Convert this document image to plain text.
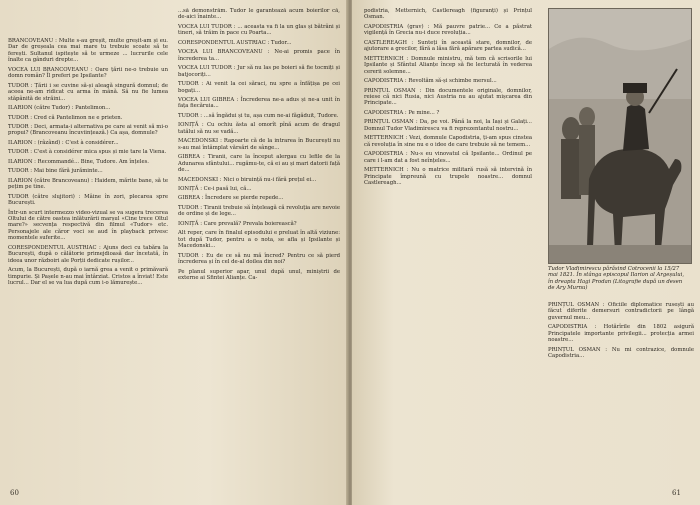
BRANCOVEANU : Multe s-au greșit, multe greșit-am și eu. Dar de greșeala cea mai mare tu trebuie scoate să te ferești. Sultanul ispitește să te urmeze ... lucrurile cele înalte ca gânduri drepte...

VOCEA LUI BRANCOVEANU : Oare țării ne-o trebuie un domn român? Îl preferi pe Ipsilante?

TUDOR : Țării i se cuvine să-și aleagă singură domnul; de aceea ne-am ridicat cu arma în mână. Să nu fie lumea stăpânită de străini...

ILARION (către Tudor) : Pantelimon...

TUDOR : Cred că Pantelimon ne e prieten.

TUDOR : Deci, armata-i alternativa pe care ai venit să mi-o propui? (Brancoveanu încuviințează.) Ca așa, domnule?

ILARION : (râzând) : C'est à considérer...

TUDOR : C'est à considérer mica spus și mie tare la Viena.

ILARION : Recommandé... Bine, Tudore. Am înțeles.

TUDOR : Mai bine fără jurăminte...

ILARION (către Brancoveanu) : Haidem, mărite bane, să te pețim pe tine.

TUDOR (către slujitori) : Mâine în zori, plecarea spre București.

Într-un scurt intermezzo video-vizual se va sugera trecerea Oltului de către oastea inlăturării marșul «Cine trece Oltul mare?» secvența respectivă din filmul «Tudor» etc. Personajele ale căror voci se aud în playback privesc momentele suferite...

CORESPONDENTUL AUSTRIAC : Ajuns deci cu tabăra la București, după o călătorie primejdioasă dar încetată, în ideea unor războiri ale Porții dedicate rușilor...

Acum, la București, după o iarnă grea a venit o primăvară timpurie. Și Pașele n-au mai întârziat. Cristos a înviat! Este lucrul... Dar el se va lua după cum i-o lămurește...

...să demonstrăm. Tudor le garantează acum boierilor că, de-aici înainte...

VOCEA LUI TUDOR : ... aceasta va fi la un glas și bătrâni și tineri, să trăim în pace cu Poarta...

CORESPONDENTUL AUSTRIAC : Tudor...

VOCEA LUI BRANCOVEANU : Ne-ai promis pace în încrederea ta...

VOCEA LUI TUDOR : Jur să nu las pe boieri să fie tocmiți și batjocoriți...

TUDOR : Ai venit la cei săraci, nu spre a înfățișa pe cei bogați...

VOCEA LUI GIBREA : Încrederea ne-a adus și ne-a unit în fața fiecăruia...

TUDOR : ...să îngădui și tu, așa cum ne-ai făgăduit, Tudore.

IONIȚĂ : Cu ochiu ăsta al omorît pînă acum de dragul tatălui să nu se vadă...

MACEDONSKI : Rapoarte că de la intrarea în București nu s-au mai întâmplat vărsări de sânge...

GIBREA : Tiranii, care la început alergau cu lefile de la Adunarea sfântului... rugămu-te, că ei au și mari datorii față de...

MACEDONSKI : Nici o biruință nu-i fără prețul ei...

IONIȚĂ : Ce-i pasă lui, că...

GIBREA : Încredere se pierde repede...

TUDOR : Tiranii trebuie să înțeleagă că revoluția are nevoie de ordine și de lege...

IONIȚĂ : Care prevală? Prevala boierească?

Alt reper, care în finalul episodului e preluat în altă viziune: tot după Tudor, pentru a o nota, se afla și Ipsilante și Macedonski...

TUDOR : Eu de ce să nu mă încred? Pentru ce să pierd încrederea și în cel de-al doilea din noi?

Pe planul superior apar, unul după unul, miniștrii de externe ai Sfintei Alianțe. Ca-

60

podistria, Metternich, Castlereagh (figuranți) și Prințul Osman.

CAPODISTRIA (grav) : Mă pauvre patrie... Ce a păstrat vigilență în Grecia nu-i duce revoluția...

CASTLEREAGH : Sunteți în această stare, domnilor, de ajutorare a grecilor, fără a lăsa fără apărare partea sudică...

METTERNICH : Domnule ministru, mă tem că scrisorile lui Ipsilante și Sfântul Alianțe încep să fie lecturată în vederea cererii solemne...

CAPODISTRIA : Revoltăm să-și schimbe mersul...

PRINȚUL OSMAN : Din documentele originale, domnilor, reiese că nici Rusia, nici Austria nu au ajutat mișcarea din Principate...

CAPODISTRIA : Pe mine... ?

PRINȚUL OSMAN : Da, pe voi. Până la noi, la Iași și Galați... Domnul Tudor Vladimirescu va fi reprezentantul nostru...

METTERNICH : Vezi, domnule Capodistria, ți-am spus cinstea că revoluția în sine nu e o idee de care trebuie să ne temem...

CAPODISTRIA : Nu-s eu vinovatul că Ipsilante... Ordinul pe care i l-am dat a fost neînțeles...

METTERNICH : Nu o matrice militară rusă să intervină în Principate împreună cu trupele noastre... domnul Castlereagh...

PRINȚUL OSMAN : Oficiile diplomatice rusești au făcut diferite demersuri contradictorii pe lângă guvernul meu...

CAPODISTRIA : Hotărîrile din 1802 asigură Principatele importante privilegii... protecția armei noastre...

PRINȚUL OSMAN : Nu mi contrazice, domnule Capodistria...

61

Tudor Vladimirescu părăsind Cotrocenii la 15/27 mai 1821. În stânga episcopul Ilarion al Argeșului, în dreapta Hagi Prodan (Litografie după un desen de Ary Murnu)
